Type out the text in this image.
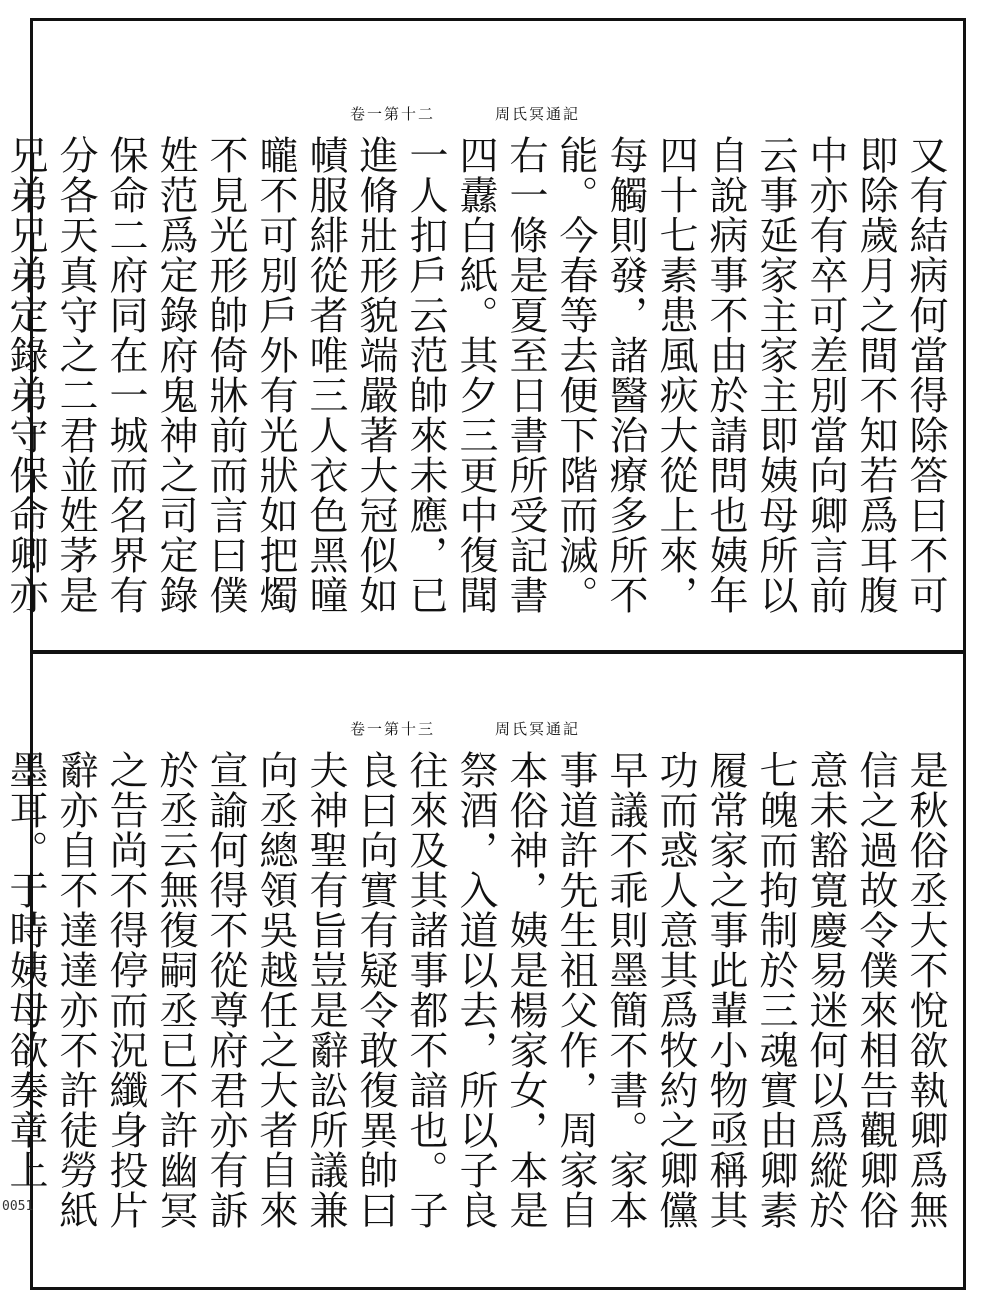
周氏冥通記
卷一第十二

又有結病何當得除答曰不可即除歲月之間不知若爲耳腹中亦有卒可差別當向卿言前云事延家主家主即姨母所以自說病事不由於請問也姨年四十七素患風疢大從上來，每觸則發，諸醫治療多所不能。今春等去便下階而滅。右一條是夏至日書所受記書四纛白紙。其夕三更中復聞一人扣戶云范帥來未應，已進脩壯形貌端嚴著大冠似如幘服緋從者唯三人衣色黑曈曨不可別戶外有光狀如把燭不見光形帥倚牀前而言曰僕姓范爲定錄府鬼神之司定錄保命二府同在一城而名界有分各天真守之二君並姓茅是兄弟兄弟定錄弟守保命卿亦

周氏冥通記
卷一第十三

是秋俗丞大不悅欲執卿爲無信之過故令僕來相告觀卿俗意未豁寛慶易迷何以爲縱於七魄而拘制於三魂實由卿素履常家之事此輩小物亟稱其功而惑人意其爲牧約之卿儻早議不乖則墨簡不書。家本事道許先生祖父作，周家自本俗神，姨是楊家女，本是祭酒，入道以去，所以子良往來及其諸事都不諳也。子良曰向實有疑令敢復異帥曰夫神聖有旨豈是辭訟所議兼向丞總領吳越任之大者自來宣諭何得不從尊府君亦有訴於丞云無復嗣丞已不許幽冥之告尚不得停而況纖身投片辭亦自不達達亦不許徒勞紙墨耳。于時姨母欲奏章上

0051
